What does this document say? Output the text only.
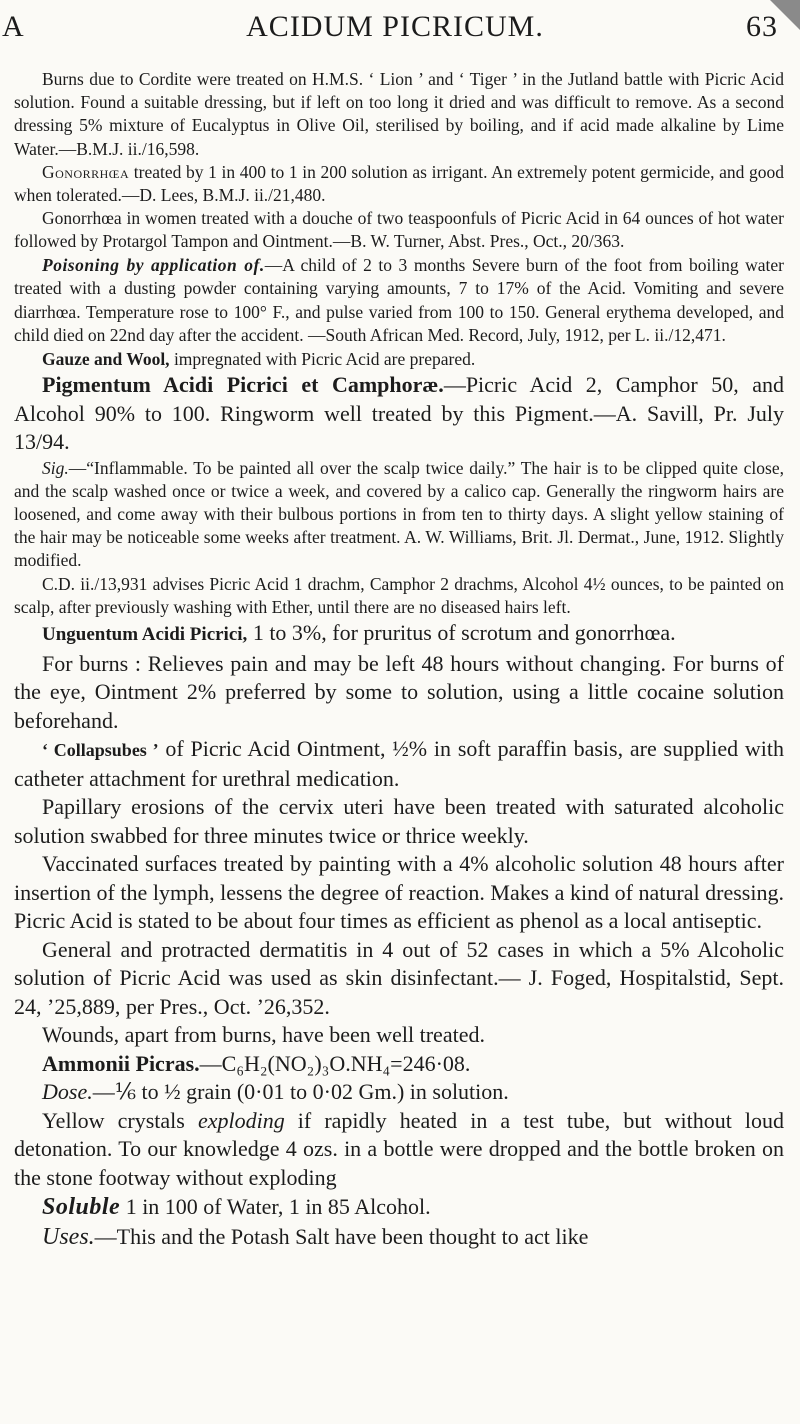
A	ACIDUM PICRICUM.	63

Burns due to Cordite were treated on H.M.S. ‘ Lion ’ and ‘ Tiger ’ in the Jutland battle with Picric Acid solution. Found a suitable dressing, but if left on too long it dried and was difficult to remove. As a second dressing 5% mixture of Eucalyptus in Olive Oil, sterilised by boiling, and if acid made alkaline by Lime Water.—B.M.J. ii./16,598.

Gonorrhœa treated by 1 in 400 to 1 in 200 solution as irrigant. An extremely potent germicide, and good when tolerated.—D. Lees, B.M.J. ii./21,480.

Gonorrhœa in women treated with a douche of two teaspoonfuls of Picric Acid in 64 ounces of hot water followed by Protargol Tampon and Ointment.—B. W. Turner, Abst. Pres., Oct., 20/363.

Poisoning by application of.—A child of 2 to 3 months Severe burn of the foot from boiling water treated with a dusting powder containing varying amounts, 7 to 17% of the Acid. Vomiting and severe diarrhœa. Temperature rose to 100° F., and pulse varied from 100 to 150. General erythema developed, and child died on 22nd day after the accident. —South African Med. Record, July, 1912, per L. ii./12,471.

Gauze and Wool, impregnated with Picric Acid are prepared.

Pigmentum Acidi Picrici et Camphoræ.—Picric Acid 2, Camphor 50, and Alcohol 90% to 100. Ringworm well treated by this Pigment.—A. Savill, Pr. July 13/94.

Sig.—“Inflammable. To be painted all over the scalp twice daily.” The hair is to be clipped quite close, and the scalp washed once or twice a week, and covered by a calico cap. Generally the ringworm hairs are loosened, and come away with their bulbous portions in from ten to thirty days. A slight yellow staining of the hair may be noticeable some weeks after treatment. A. W. Williams, Brit. Jl. Dermat., June, 1912. Slightly modified.

C.D. ii./13,931 advises Picric Acid 1 drachm, Camphor 2 drachms, Alcohol 4½ ounces, to be painted on scalp, after previously washing with Ether, until there are no diseased hairs left.

Unguentum Acidi Picrici, 1 to 3%, for pruritus of scrotum and gonorrhœa.

For burns : Relieves pain and may be left 48 hours without changing. For burns of the eye, Ointment 2% preferred by some to solution, using a little cocaine solution beforehand.

‘ Collapsubes ’ of Picric Acid Ointment, ½% in soft paraffin basis, are supplied with catheter attachment for urethral medication.

Papillary erosions of the cervix uteri have been treated with saturated alcoholic solution swabbed for three minutes twice or thrice weekly.

Vaccinated surfaces treated by painting with a 4% alcoholic solution 48 hours after insertion of the lymph, lessens the degree of reaction. Makes a kind of natural dressing. Picric Acid is stated to be about four times as efficient as phenol as a local antiseptic.

General and protracted dermatitis in 4 out of 52 cases in which a 5% Alcoholic solution of Picric Acid was used as skin disinfectant.— J. Foged, Hospitalstid, Sept. 24, ’25,889, per Pres., Oct. ’26,352.

Wounds, apart from burns, have been well treated.

Ammonii Picras.—C₆H₂(NO₂)₃O.NH₄=246·08.

Dose.—⅙ to ½ grain (0·01 to 0·02 Gm.) in solution.

Yellow crystals exploding if rapidly heated in a test tube, but without loud detonation. To our knowledge 4 ozs. in a bottle were dropped and the bottle broken on the stone footway without exploding

Soluble 1 in 100 of Water, 1 in 85 Alcohol.

Uses.—This and the Potash Salt have been thought to act like
